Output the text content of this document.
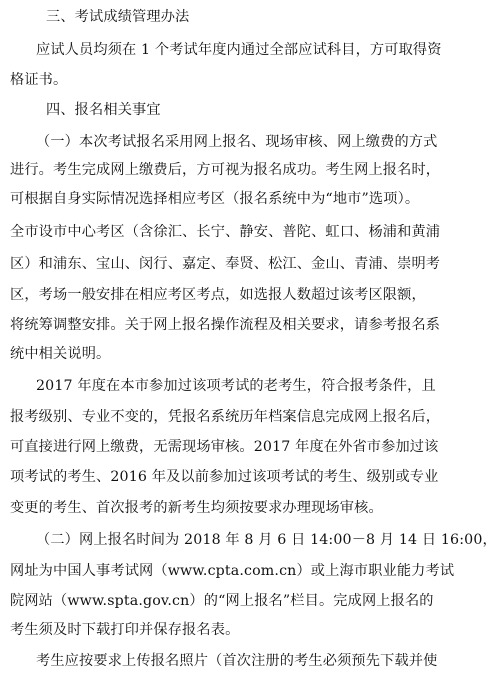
三、考试成绩管理办法
应试人员均须在 1 个考试年度内通过全部应试科目，方可取得资
格证书。
四、报名相关事宜
（一）本次考试报名采用网上报名、现场审核、网上缴费的方式
进行。考生完成网上缴费后，方可视为报名成功。考生网上报名时，
可根据自身实际情况选择相应考区（报名系统中为“地市”选项）。
全市设市中心考区（含徐汇、长宁、静安、普陀、虹口、杨浦和黄浦
区）和浦东、宝山、闵行、嘉定、奉贤、松江、金山、青浦、崇明考
区，考场一般安排在相应考区考点，如选报人数超过该考区限额，
将统筹调整安排。关于网上报名操作流程及相关要求，请参考报名系
统中相关说明。
2017 年度在本市参加过该项考试的老考生，符合报考条件，且
报考级别、专业不变的，凭报名系统历年档案信息完成网上报名后，
可直接进行网上缴费，无需现场审核。2017 年度在外省市参加过该
项考试的考生、2016 年及以前参加过该项考试的考生、级别或专业
变更的考生、首次报考的新考生均须按要求办理现场审核。
（二）网上报名时间为 2018 年 8 月 6 日 14:00－8 月 14 日 16:00，
网址为中国人事考试网（www.cpta.com.cn）或上海市职业能力考试
院网站（www.spta.gov.cn）的“网上报名”栏目。完成网上报名的
考生须及时下载打印并保存报名表。
考生应按要求上传报名照片（首次注册的考生必须预先下载并使
